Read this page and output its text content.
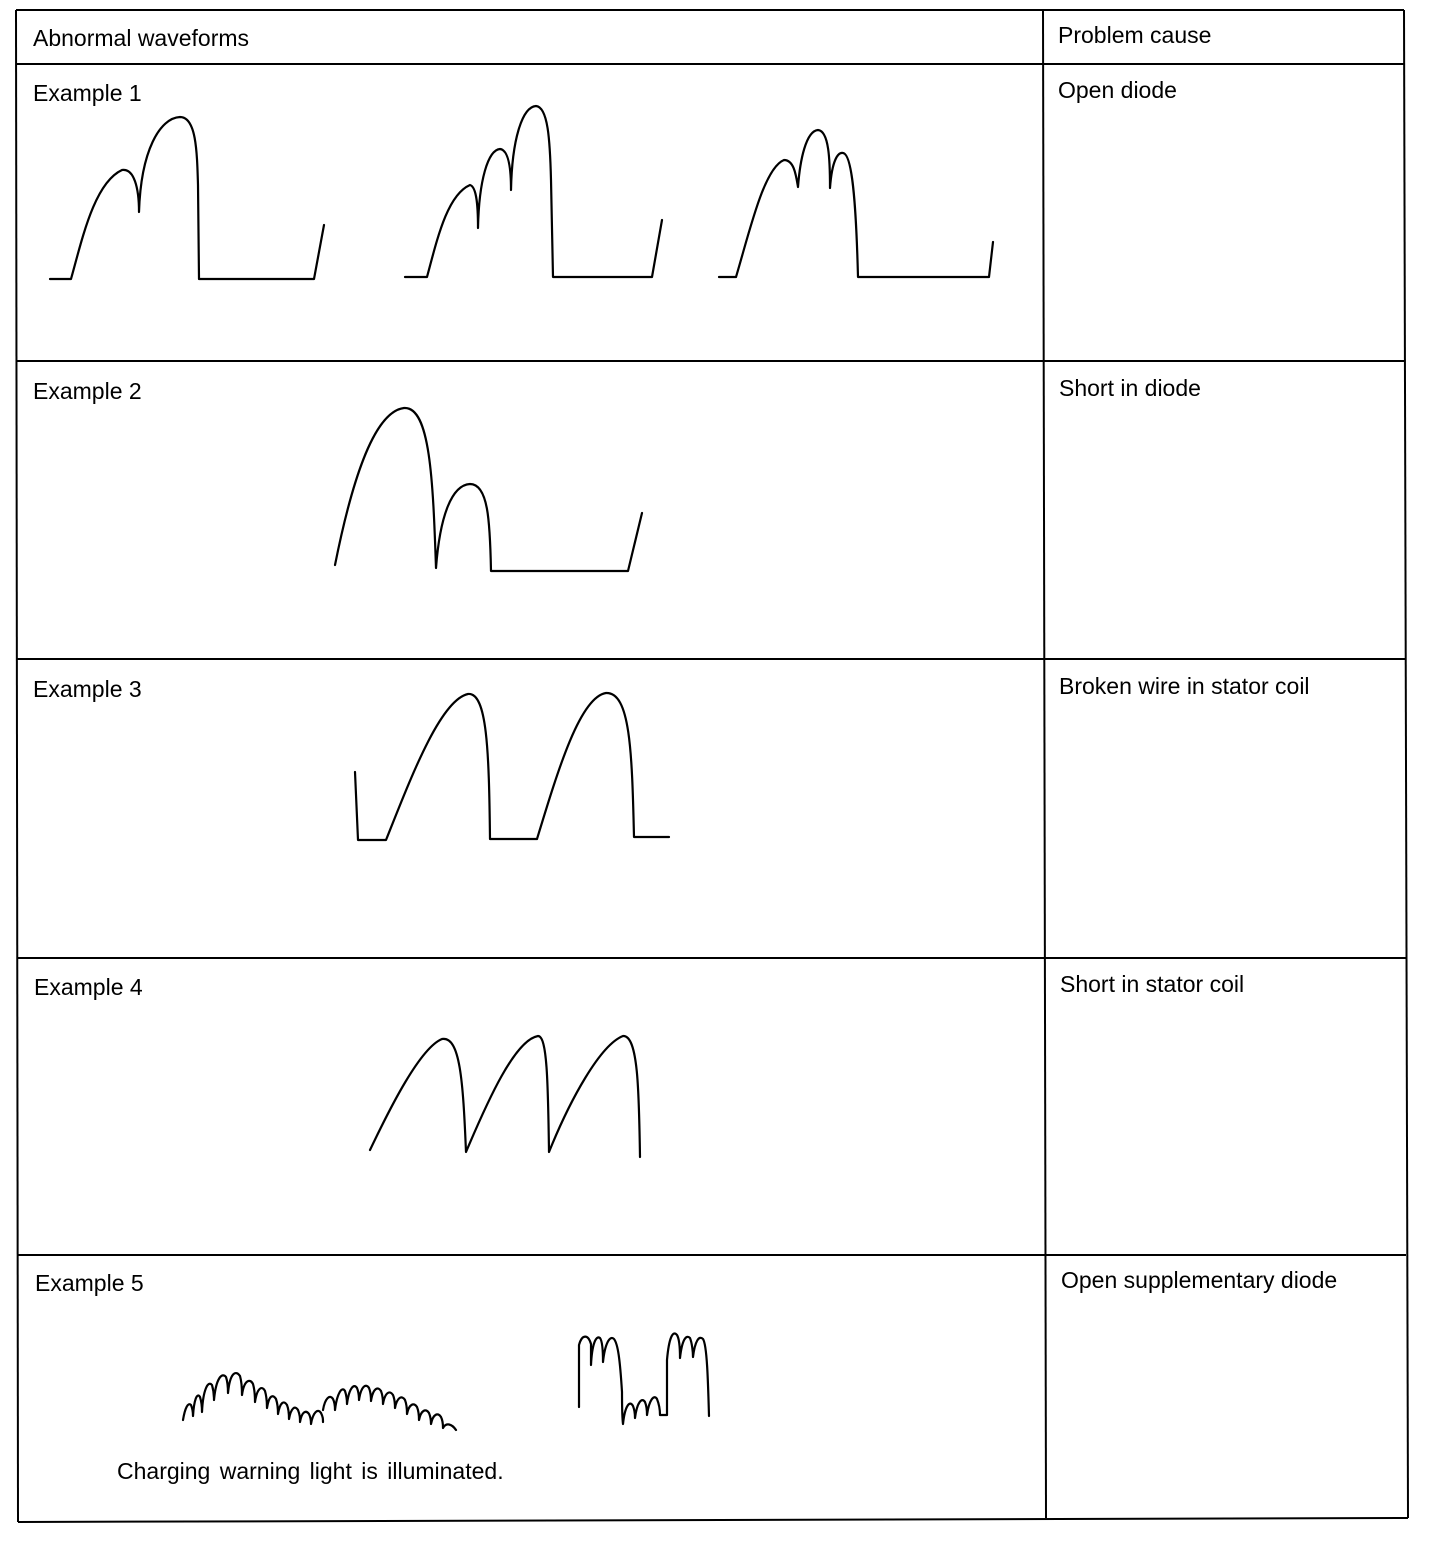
Abnormal waveforms	Problem cause
Example 1	Open diode
Example 2	Short in diode
Example 3	Broken wire in stator coil
Example 4	Short in stator coil
Example 5	Open supplementary diode
Charging warning light is illuminated.
